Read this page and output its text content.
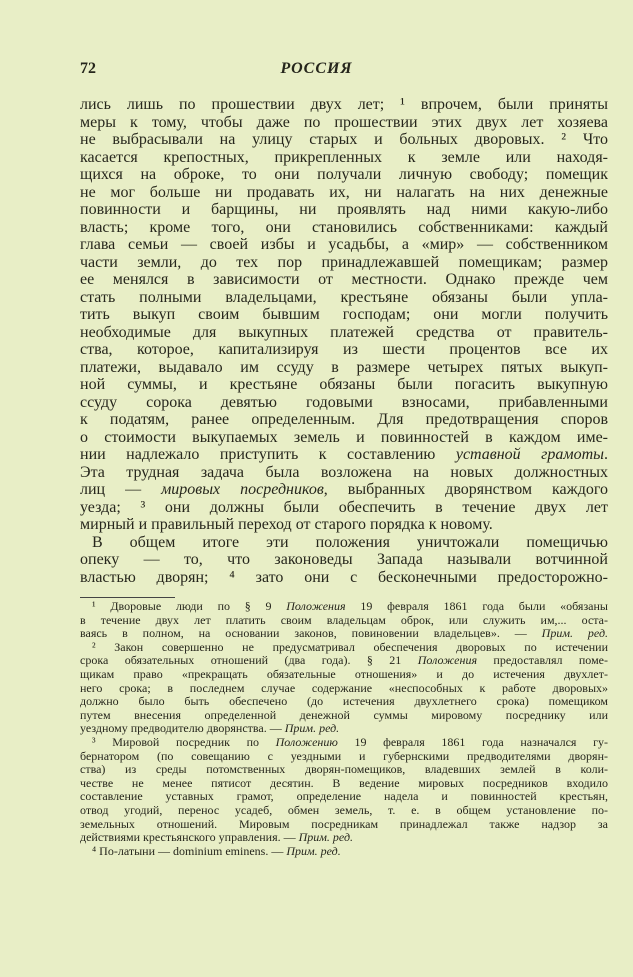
72	РОССИЯ
лись лишь по прошествии двух лет; ¹ впрочем, были приняты
меры к тому, чтобы даже по прошествии этих двух лет хозяева
не выбрасывали на улицу старых и больных дворовых. ² Что
касается крепостных, прикрепленных к земле или находя-
щихся на оброке, то они получали личную свободу; помещик
не мог больше ни продавать их, ни налагать на них денежные
повинности и барщины, ни проявлять над ними какую-либо
власть; кроме того, они становились собственниками: каждый
глава семьи — своей избы и усадьбы, а «мир» — собственником
части земли, до тех пор принадлежавшей помещикам; размер
ее менялся в зависимости от местности. Однако прежде чем
стать полными владельцами, крестьяне обязаны были упла-
тить выкуп своим бывшим господам; они могли получить
необходимые для выкупных платежей средства от правитель-
ства, которое, капитализируя из шести процентов все их
платежи, выдавало им ссуду в размере четырех пятых выкуп-
ной суммы, и крестьяне обязаны были погасить выкупную
ссуду сорока девятью годовыми взносами, прибавленными
к податям, ранее определенным. Для предотвращения споров
о стоимости выкупаемых земель и повинностей в каждом име-
нии надлежало приступить к составлению уставной грамоты.
Эта трудная задача была возложена на новых должностных
лиц — мировых посредников, выбранных дворянством каждого
уезда; ³ они должны были обеспечить в течение двух лет
мирный и правильный переход от старого порядка к новому.
В общем итоге эти положения уничтожали помещичью
опеку — то, что законоведы Запада называли вотчинной
властью дворян; ⁴ зато они с бесконечными предосторожно-
¹ Дворовые люди по § 9 Положения 19 февраля 1861 года были «обязаны
в течение двух лет платить своим владельцам оброк, или служить им,... оста-
ваясь в полном, на основании законов, повиновении владельцев». — Прим. ред.
² Закон совершенно не предусматривал обеспечения дворовых по истечении
срока обязательных отношений (два года). § 21 Положения предоставлял поме-
щикам право «прекращать обязательные отношения» и до истечения двухлет-
него срока; в последнем случае содержание «неспособных к работе дворовых»
должно было быть обеспечено (до истечения двухлетнего срока) помещиком
путем внесения определенной денежной суммы мировому посреднику или
уездному предводителю дворянства. — Прим. ред.
³ Мировой посредник по Положению 19 февраля 1861 года назначался гу-
бернатором (по совещанию с уездными и губернскими предводителями дворян-
ства) из среды потомственных дворян-помещиков, владевших землей в коли-
честве не менее пятисот десятин. В ведение мировых посредников входило
составление уставных грамот, определение надела и повинностей крестьян,
отвод угодий, перенос усадеб, обмен земель, т. е. в общем установление по-
земельных отношений. Мировым посредникам принадлежал также надзор за
действиями крестьянского управления. — Прим. ред.
⁴ По-латыни — dominium eminens. — Прим. ред.
